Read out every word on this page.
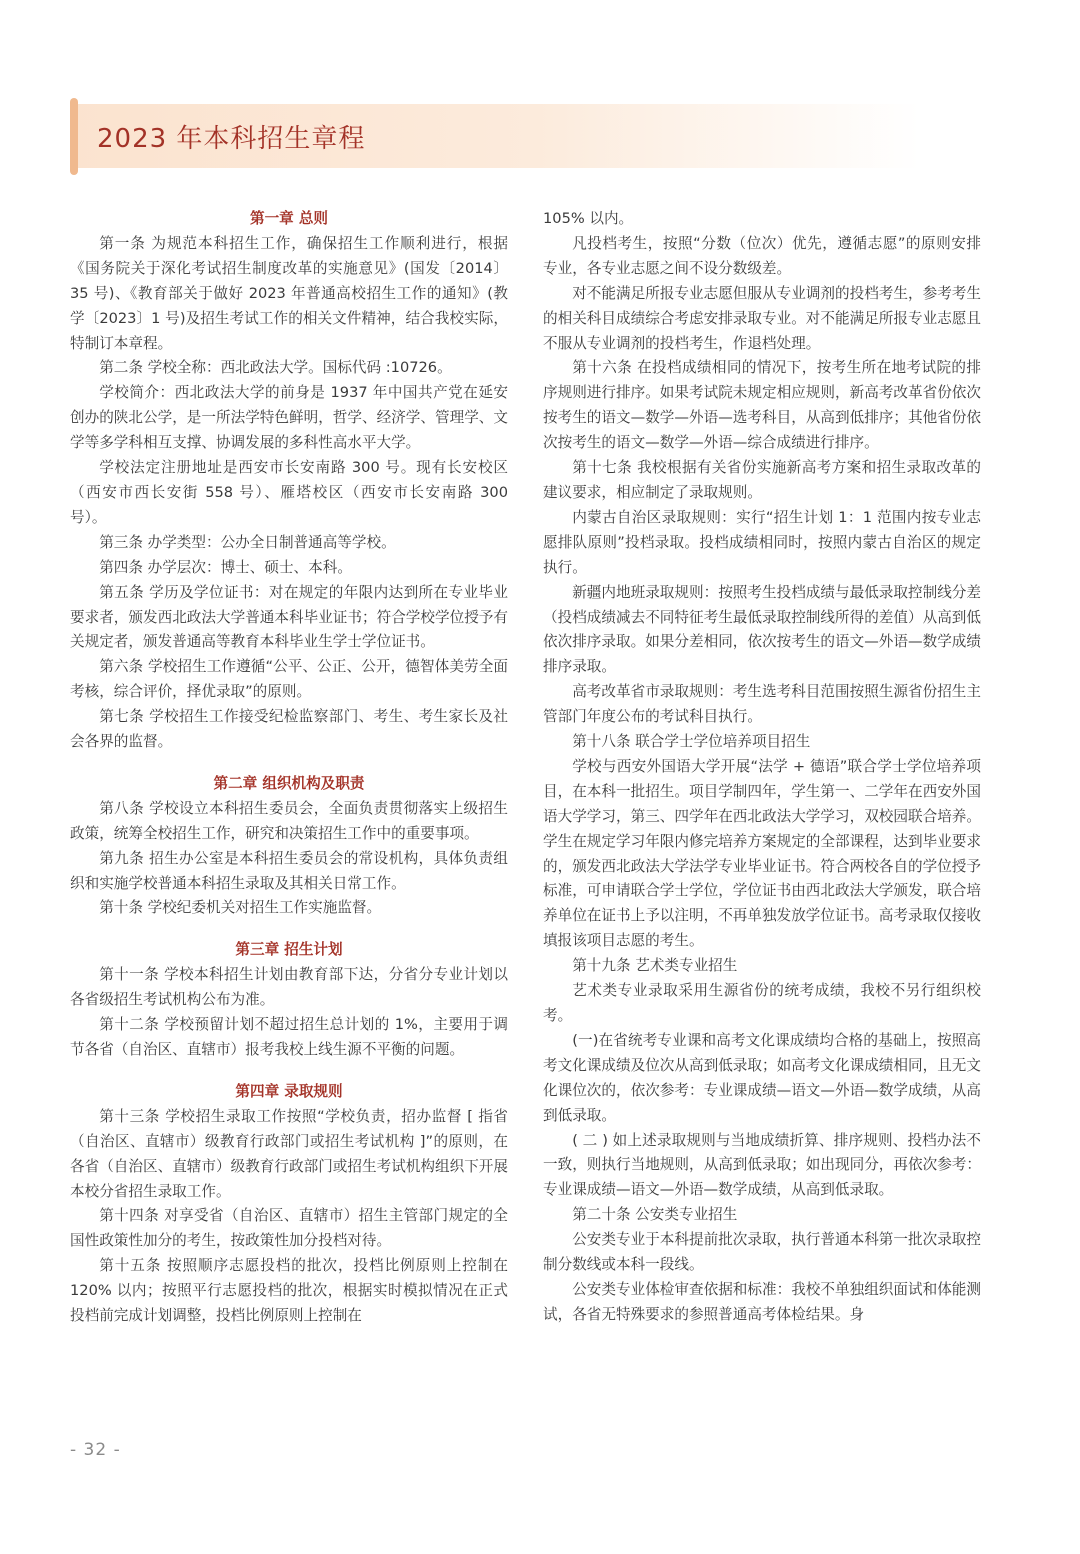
2023 年本科招生章程

第一章 总则

第一条 为规范本科招生工作，确保招生工作顺利进行，根据《国务院关于深化考试招生制度改革的实施意见》(国发〔2014〕35 号)、《教育部关于做好 2023 年普通高校招生工作的通知》(教学〔2023〕1 号)及招生考试工作的相关文件精神，结合我校实际，特制订本章程。

第二条 学校全称：西北政法大学。国标代码 :10726。

学校简介：西北政法大学的前身是 1937 年中国共产党在延安创办的陕北公学，是一所法学特色鲜明，哲学、经济学、管理学、文学等多学科相互支撑、协调发展的多科性高水平大学。

学校法定注册地址是西安市长安南路 300 号。现有长安校区（西安市西长安街 558 号）、雁塔校区（西安市长安南路 300 号）。

第三条 办学类型：公办全日制普通高等学校。

第四条 办学层次：博士、硕士、本科。

第五条 学历及学位证书：对在规定的年限内达到所在专业毕业要求者，颁发西北政法大学普通本科毕业证书；符合学校学位授予有关规定者，颁发普通高等教育本科毕业生学士学位证书。

第六条 学校招生工作遵循“公平、公正、公开，德智体美劳全面考核，综合评价，择优录取”的原则。

第七条 学校招生工作接受纪检监察部门、考生、考生家长及社会各界的监督。

第二章 组织机构及职责

第八条 学校设立本科招生委员会，全面负责贯彻落实上级招生政策，统筹全校招生工作，研究和决策招生工作中的重要事项。

第九条 招生办公室是本科招生委员会的常设机构，具体负责组织和实施学校普通本科招生录取及其相关日常工作。

第十条 学校纪委机关对招生工作实施监督。

第三章 招生计划

第十一条 学校本科招生计划由教育部下达，分省分专业计划以各省级招生考试机构公布为准。

第十二条 学校预留计划不超过招生总计划的 1%，主要用于调节各省（自治区、直辖市）报考我校上线生源不平衡的问题。

第四章 录取规则

第十三条 学校招生录取工作按照“学校负责，招办监督 [ 指省（自治区、直辖市）级教育行政部门或招生考试机构 ]”的原则，在各省（自治区、直辖市）级教育行政部门或招生考试机构组织下开展本校分省招生录取工作。

第十四条 对享受省（自治区、直辖市）招生主管部门规定的全国性政策性加分的考生，按政策性加分投档对待。

第十五条 按照顺序志愿投档的批次，投档比例原则上控制在 120% 以内；按照平行志愿投档的批次，根据实时模拟情况在正式投档前完成计划调整，投档比例原则上控制在

105% 以内。

凡投档考生，按照“分数（位次）优先，遵循志愿”的原则安排专业，各专业志愿之间不设分数级差。

对不能满足所报专业志愿但服从专业调剂的投档考生，参考考生的相关科目成绩综合考虑安排录取专业。对不能满足所报专业志愿且不服从专业调剂的投档考生，作退档处理。

第十六条 在投档成绩相同的情况下，按考生所在地考试院的排序规则进行排序。如果考试院未规定相应规则，新高考改革省份依次按考生的语文—数学—外语—选考科目，从高到低排序；其他省份依次按考生的语文—数学—外语—综合成绩进行排序。

第十七条 我校根据有关省份实施新高考方案和招生录取改革的建议要求，相应制定了录取规则。

内蒙古自治区录取规则：实行“招生计划 1：1 范围内按专业志愿排队原则”投档录取。投档成绩相同时，按照内蒙古自治区的规定执行。

新疆内地班录取规则：按照考生投档成绩与最低录取控制线分差（投档成绩减去不同特征考生最低录取控制线所得的差值）从高到低依次排序录取。如果分差相同，依次按考生的语文—外语—数学成绩排序录取。

高考改革省市录取规则：考生选考科目范围按照生源省份招生主管部门年度公布的考试科目执行。

第十八条 联合学士学位培养项目招生

学校与西安外国语大学开展“法学 + 德语”联合学士学位培养项目，在本科一批招生。项目学制四年，学生第一、二学年在西安外国语大学学习，第三、四学年在西北政法大学学习，双校园联合培养。学生在规定学习年限内修完培养方案规定的全部课程，达到毕业要求的，颁发西北政法大学法学专业毕业证书。符合两校各自的学位授予标准，可申请联合学士学位，学位证书由西北政法大学颁发，联合培养单位在证书上予以注明，不再单独发放学位证书。高考录取仅接收填报该项目志愿的考生。

第十九条 艺术类专业招生

艺术类专业录取采用生源省份的统考成绩，我校不另行组织校考。

(一)在省统考专业课和高考文化课成绩均合格的基础上，按照高考文化课成绩及位次从高到低录取；如高考文化课成绩相同，且无文化课位次的，依次参考：专业课成绩—语文—外语—数学成绩，从高到低录取。

( 二 ) 如上述录取规则与当地成绩折算、排序规则、投档办法不一致，则执行当地规则，从高到低录取；如出现同分，再依次参考：专业课成绩—语文—外语—数学成绩，从高到低录取。

第二十条 公安类专业招生

公安类专业于本科提前批次录取，执行普通本科第一批次录取控制分数线或本科一段线。

公安类专业体检审查依据和标准：我校不单独组织面试和体能测试，各省无特殊要求的参照普通高考体检结果。身

- 32 -
